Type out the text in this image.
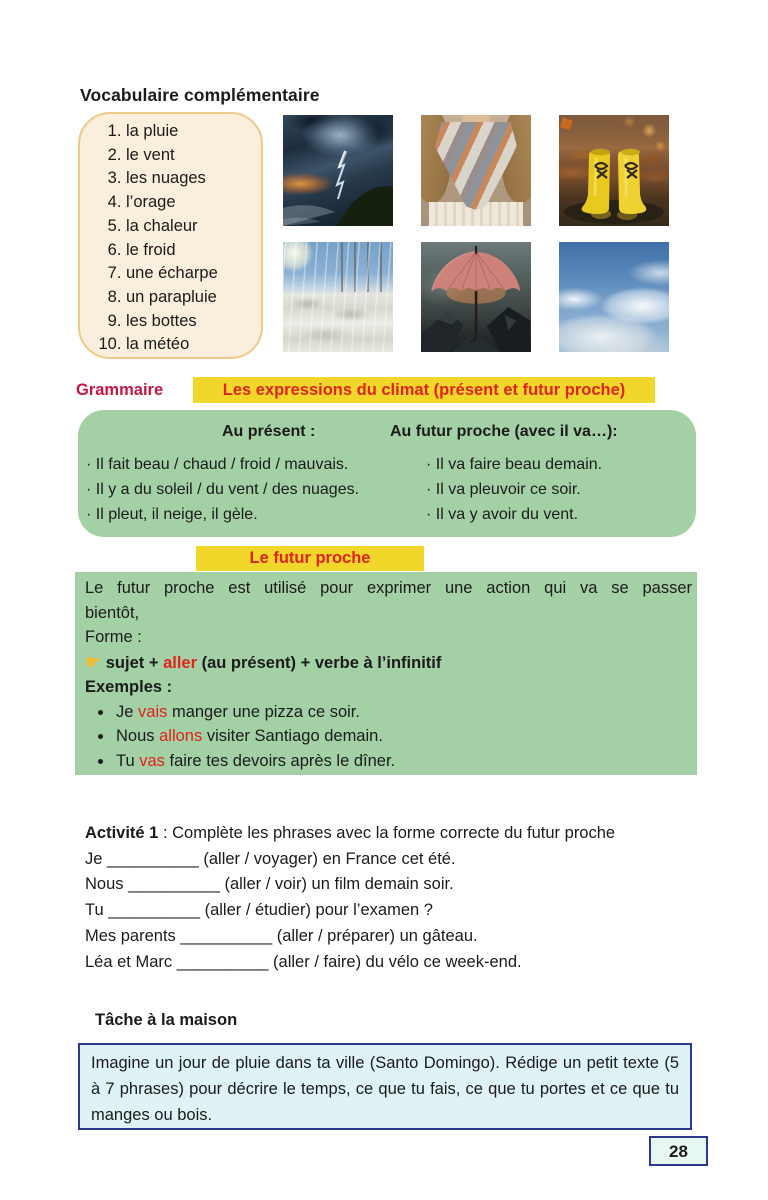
Vocabulaire complémentaire
1. la pluie
2. le vent
3. les nuages
4. l’orage
5. la chaleur
6. le froid
7. une écharpe
8. un parapluie
9. les bottes
10. la météo
Grammaire	Les expressions du climat (présent et futur proche)
Au présent :	Au futur proche (avec il va…):
· Il fait beau / chaud / froid / mauvais.
· Il y a du soleil / du vent / des nuages.
· Il pleut, il neige, il gèle.
· Il va faire beau demain.
· Il va pleuvoir ce soir.
· Il va y avoir du vent.
Le futur proche
Le futur proche est utilisé pour exprimer une action qui va se passer
bientôt,
Forme :
☛ sujet + aller (au présent) + verbe à l’infinitif
Exemples :
• Je vais manger une pizza ce soir.
• Nous allons visiter Santiago demain.
• Tu vas faire tes devoirs après le dîner.

Activité 1 : Complète les phrases avec la forme correcte du futur proche

Je __________ (aller / voyager) en France cet été.
Nous __________ (aller / voir) un film demain soir.
Tu __________ (aller / étudier) pour l’examen ?
Mes parents __________ (aller / préparer) un gâteau.
Léa et Marc __________ (aller / faire) du vélo ce week-end.
Tâche à la maison
Imagine un jour de pluie dans ta ville (Santo Domingo). Rédige un petit texte (5 à 7 phrases) pour décrire le temps, ce que tu fais, ce que tu portes et ce que tu manges ou bois.
28
